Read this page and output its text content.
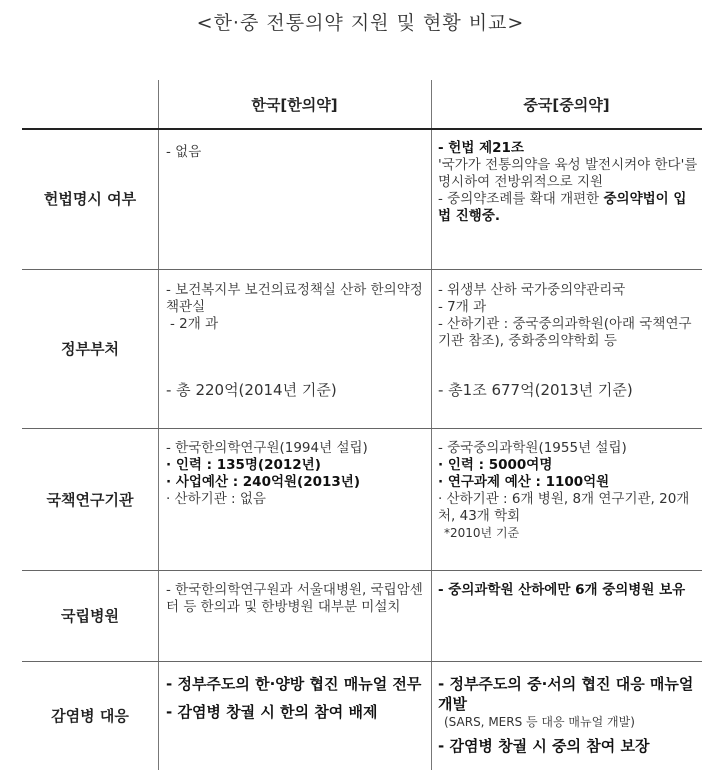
<한·중 전통의약 지원 및 현황 비교>
한국[한의약]	중국[중의약]
헌법명시 여부

- 없음	- 헌법 제21조

'국가가 전통의약을 육성 발전시켜야 한다'를 명시하여 전방위적으로 지원

- 중의약조례를 확대 개편한 중의약법이 입법 진행중.

정부부처

- 보건복지부 보건의료정책실 산하 한의약정책관실

- 2개 과

- 총 220억(2014년 기준)

- 위생부 산하 국가중의약관리국

- 7개 과

- 산하기관 : 중국중의과학원(아래 국책연구기관 참조), 중화중의약학회 등

- 총1조 677억(2013년 기준)

국책연구기관

- 한국한의학연구원(1994년 설립)

· 인력 : 135명(2012년)

· 사업예산 : 240억원(2013년)

· 산하기관 : 없음

- 중국중의과학원(1955년 설립)

· 인력 : 5000여명

· 연구과제 예산 : 1100억원

· 산하기관 : 6개 병원, 8개 연구기관, 20개 처, 43개 학회

*2010년 기준

국립병원

- 한국한의학연구원과 서울대병원, 국립암센터 등 한의과 및 한방병원 대부분 미설치

- 중의과학원 산하에만 6개 중의병원 보유

감염병 대응

- 정부주도의 한·양방 협진 매뉴얼 전무

- 감염병 창궐 시 한의 참여 배제

- 정부주도의 중·서의 협진 대응 매뉴얼 개발

(SARS, MERS 등 대응 매뉴얼 개발)

- 감염병 창궐 시 중의 참여 보장
